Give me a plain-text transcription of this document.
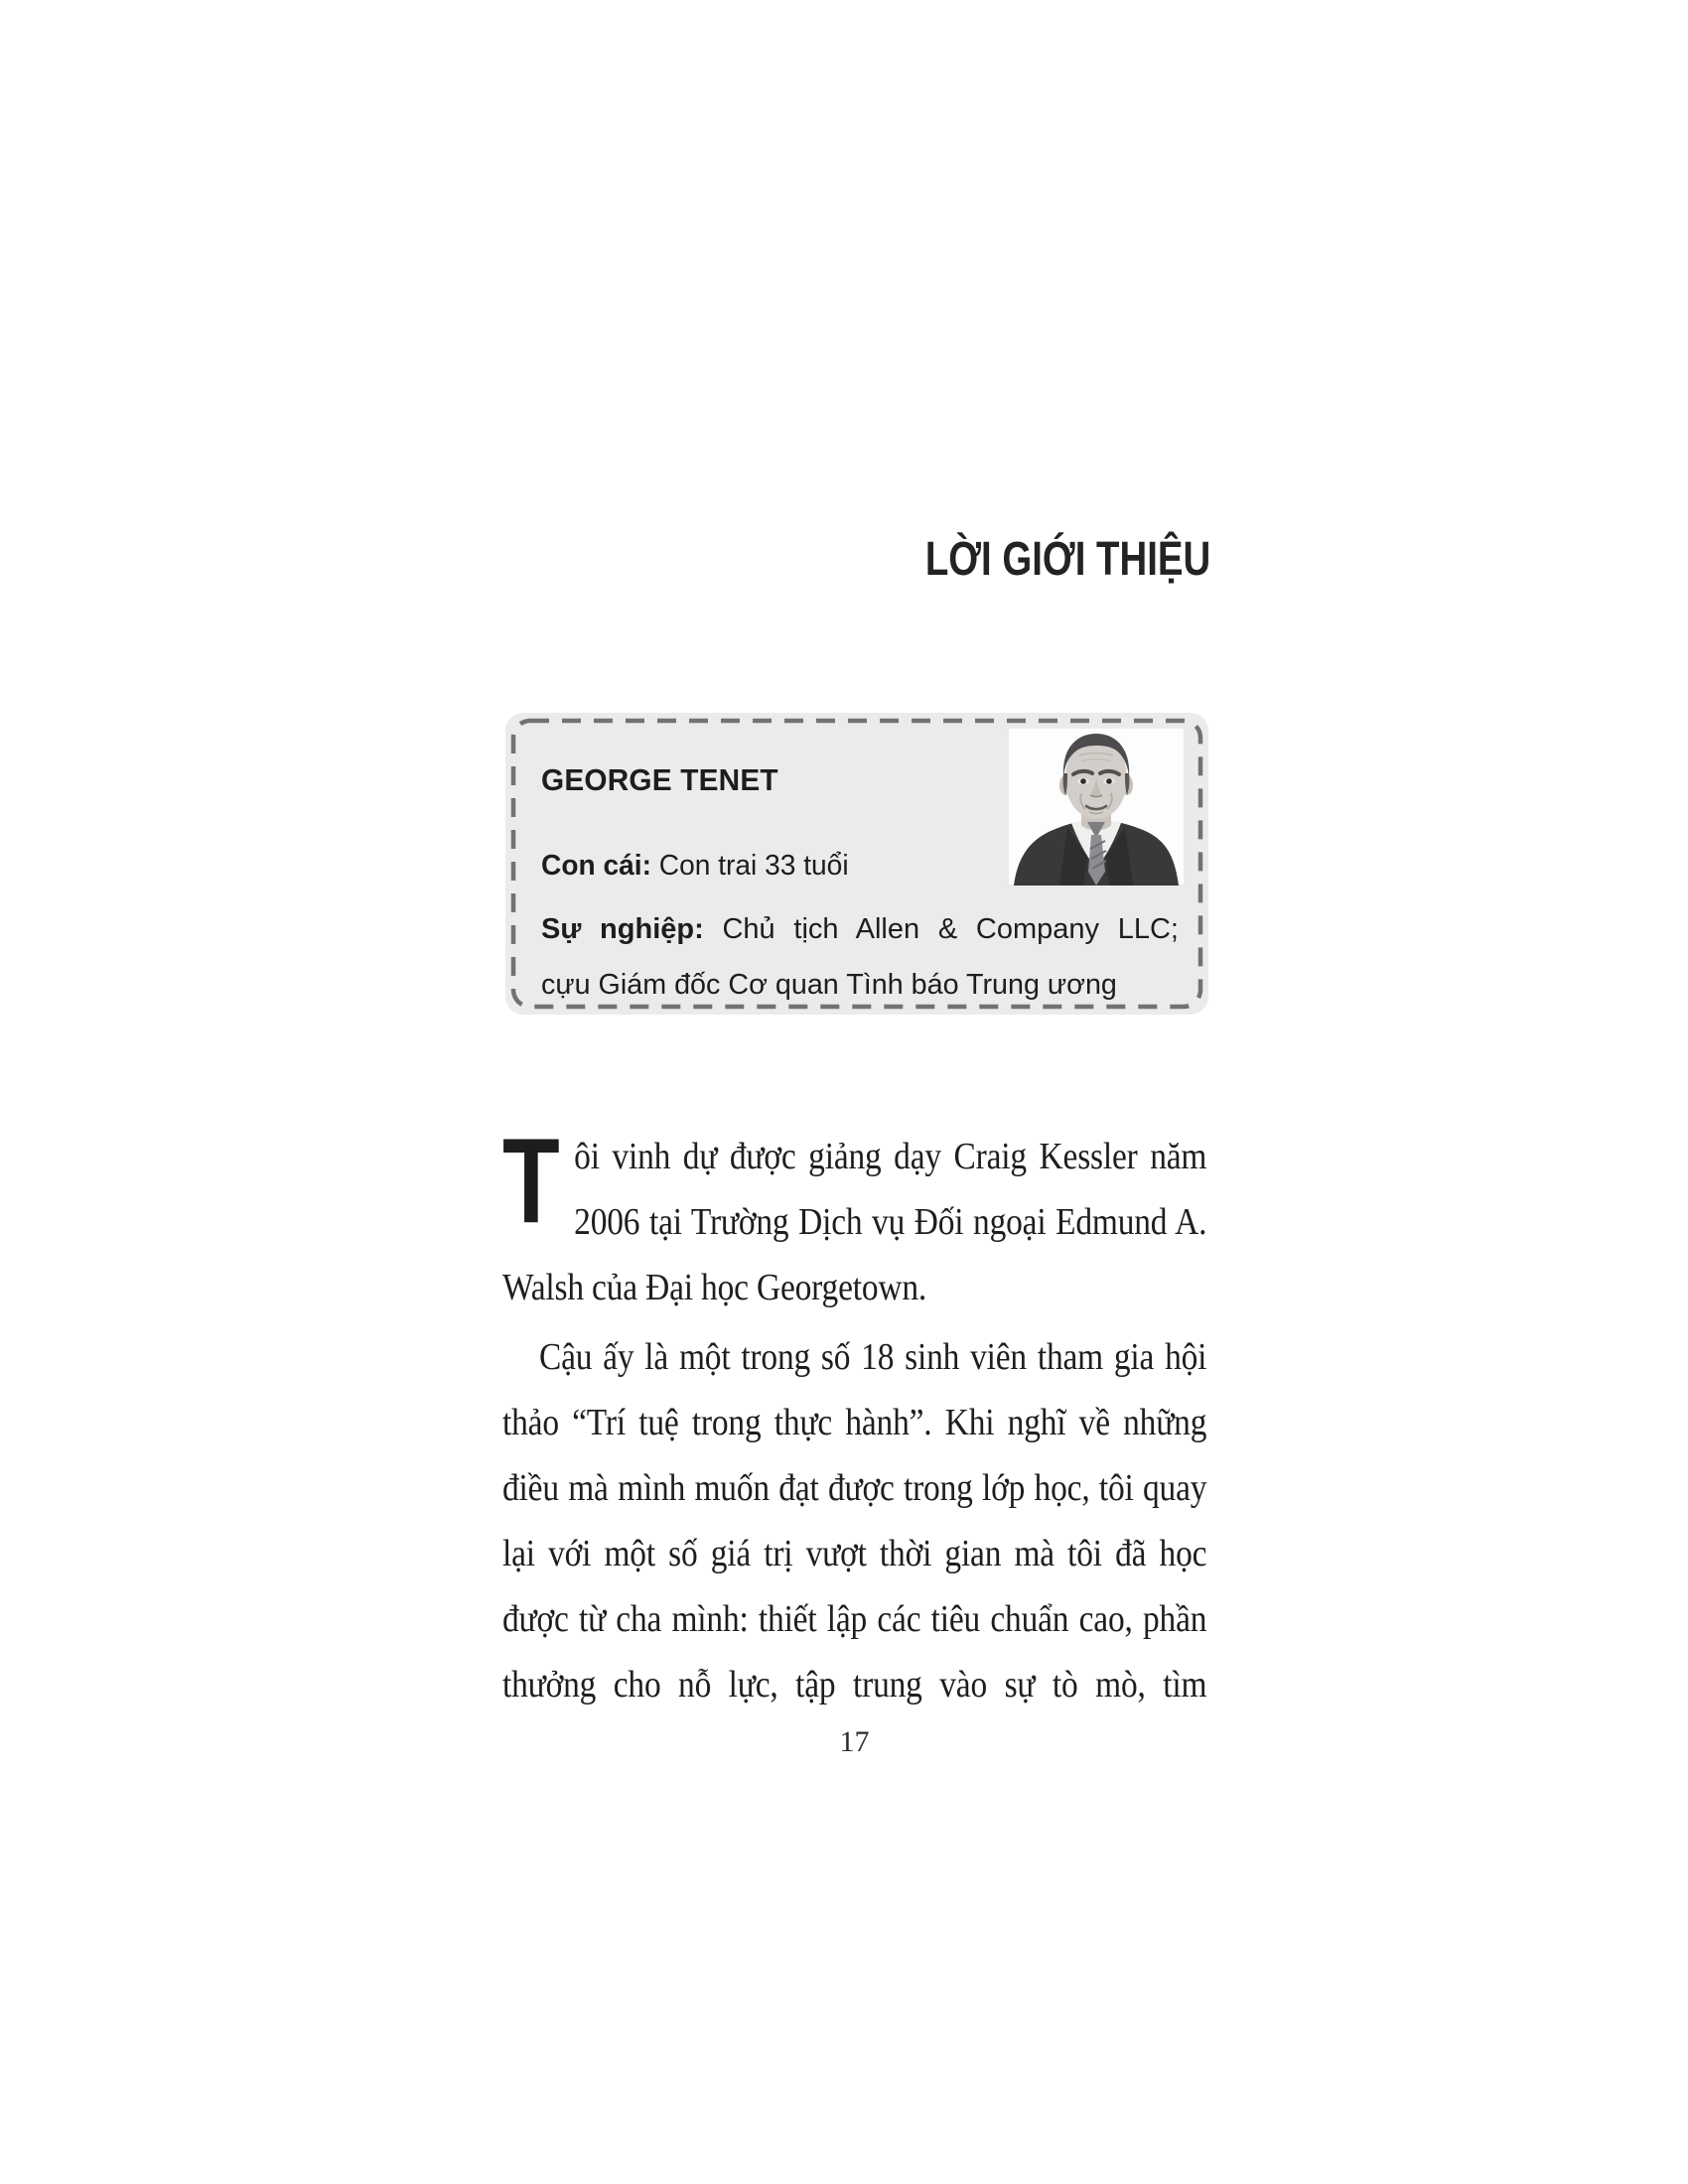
LỜI GIỚI THIỆU
GEORGE TENET
Con cái: Con trai 33 tuổi
Sự nghiệp: Chủ tịch Allen & Company LLC;
cựu Giám đốc Cơ quan Tình báo Trung ương
Tôi vinh dự được giảng dạy Craig Kessler năm 2006 tại Trường Dịch vụ Đối ngoại Edmund A. Walsh của Đại học Georgetown.
Cậu ấy là một trong số 18 sinh viên tham gia hội thảo “Trí tuệ trong thực hành”. Khi nghĩ về những điều mà mình muốn đạt được trong lớp học, tôi quay lại với một số giá trị vượt thời gian mà tôi đã học được từ cha mình: thiết lập các tiêu chuẩn cao, phần thưởng cho nỗ lực, tập trung vào sự tò mò, tìm
17
